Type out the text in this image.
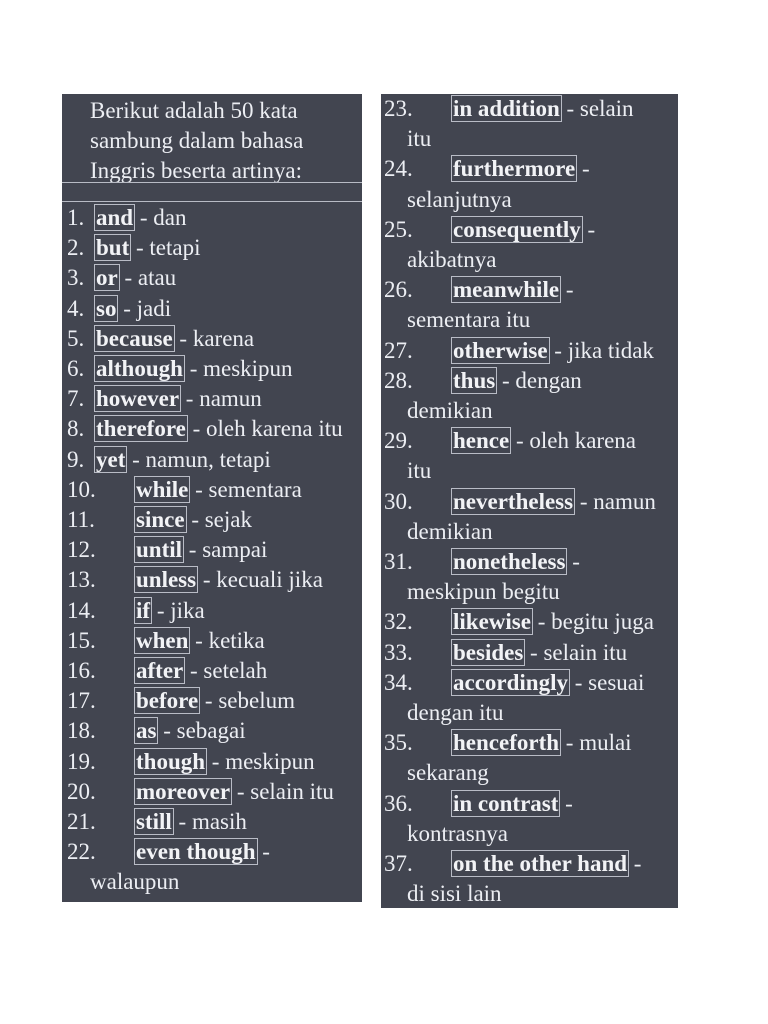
Berikut adalah 50 kata
sambung dalam bahasa
Inggris beserta artinya:
1. and - dan
2. but - tetapi
3. or - atau
4. so - jadi
5. because - karena
6. although - meskipun
7. however - namun
8. therefore - oleh karena itu
9. yet - namun, tetapi
10. while - sementara
11. since - sejak
12. until - sampai
13. unless - kecuali jika
14. if - jika
15. when - ketika
16. after - setelah
17. before - sebelum
18. as - sebagai
19. though - meskipun
20. moreover - selain itu
21. still - masih
22. even though -
walaupun
23. in addition - selain
itu
24. furthermore -
selanjutnya
25. consequently -
akibatnya
26. meanwhile -
sementara itu
27. otherwise - jika tidak
28. thus - dengan
demikian
29. hence - oleh karena
itu
30. nevertheless - namun
demikian
31. nonetheless -
meskipun begitu
32. likewise - begitu juga
33. besides - selain itu
34. accordingly - sesuai
dengan itu
35. henceforth - mulai
sekarang
36. in contrast -
kontrasnya
37. on the other hand -
di sisi lain
